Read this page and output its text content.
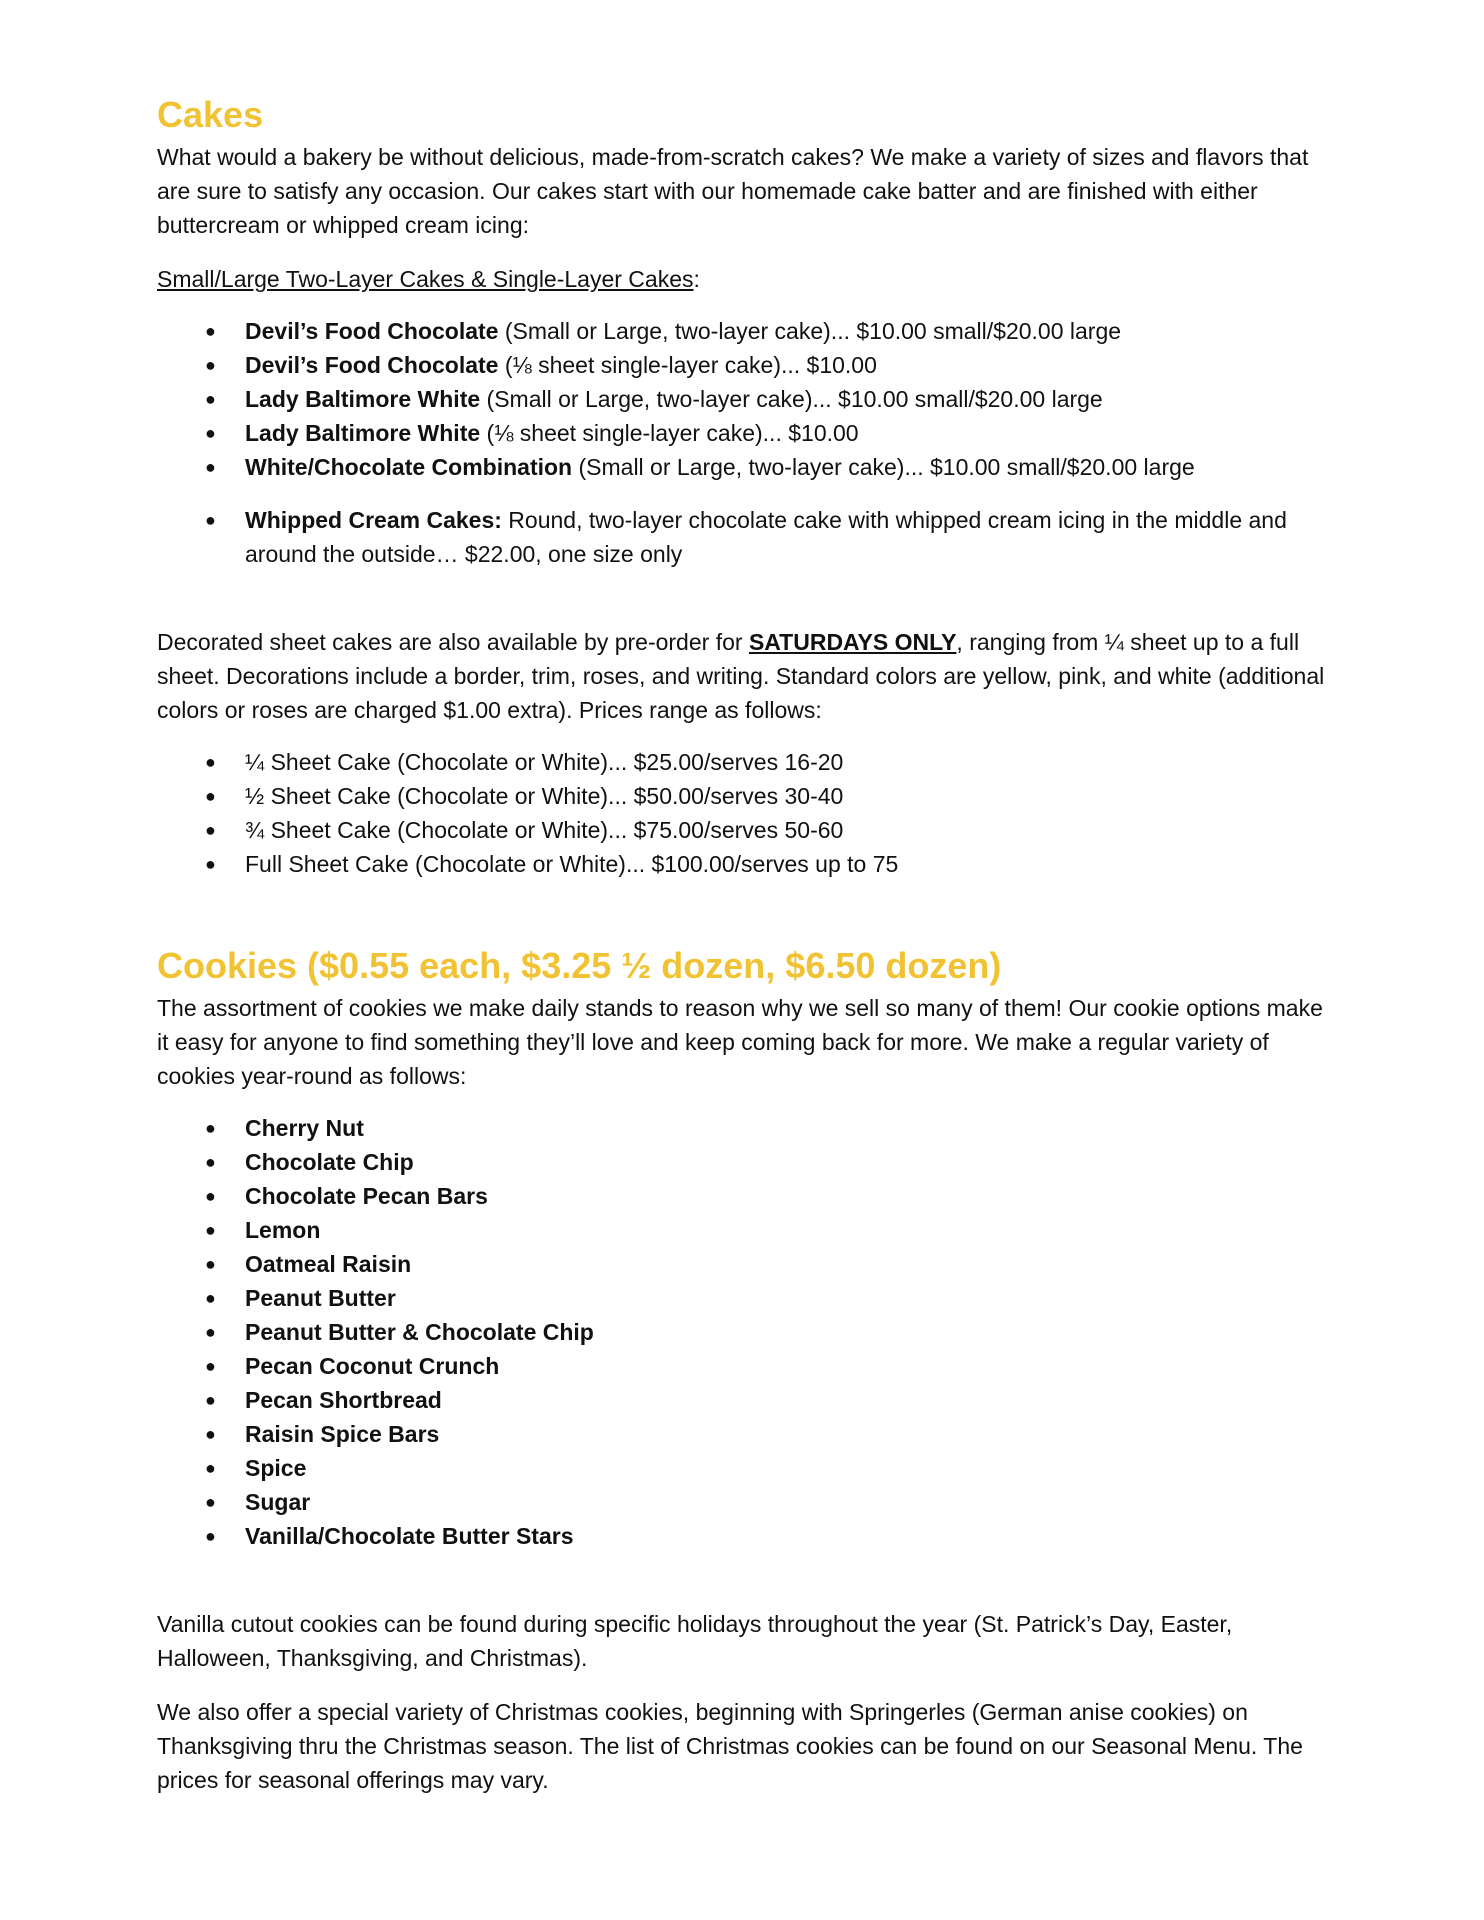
Cakes

What would a bakery be without delicious, made-from-scratch cakes? We make a variety of sizes and flavors that are sure to satisfy any occasion. Our cakes start with our homemade cake batter and are finished with either buttercream or whipped cream icing:

Small/Large Two-Layer Cakes & Single-Layer Cakes:

● Devil’s Food Chocolate (Small or Large, two-layer cake)... $10.00 small/$20.00 large
● Devil’s Food Chocolate (⅛ sheet single-layer cake)... $10.00
● Lady Baltimore White (Small or Large, two-layer cake)... $10.00 small/$20.00 large
● Lady Baltimore White (⅛ sheet single-layer cake)... $10.00
● White/Chocolate Combination (Small or Large, two-layer cake)... $10.00 small/$20.00 large
● Whipped Cream Cakes: Round, two-layer chocolate cake with whipped cream icing in the middle and around the outside… $22.00, one size only

Decorated sheet cakes are also available by pre-order for SATURDAYS ONLY, ranging from ¼ sheet up to a full sheet. Decorations include a border, trim, roses, and writing. Standard colors are yellow, pink, and white (additional colors or roses are charged $1.00 extra). Prices range as follows:

● ¼ Sheet Cake (Chocolate or White)... $25.00/serves 16-20
● ½ Sheet Cake (Chocolate or White)... $50.00/serves 30-40
● ¾ Sheet Cake (Chocolate or White)... $75.00/serves 50-60
● Full Sheet Cake (Chocolate or White)... $100.00/serves up to 75
Cookies ($0.55 each, $3.25 ½ dozen, $6.50 dozen)

The assortment of cookies we make daily stands to reason why we sell so many of them! Our cookie options make it easy for anyone to find something they’ll love and keep coming back for more. We make a regular variety of cookies year-round as follows:

● Cherry Nut
● Chocolate Chip
● Chocolate Pecan Bars
● Lemon
● Oatmeal Raisin
● Peanut Butter
● Peanut Butter & Chocolate Chip
● Pecan Coconut Crunch
● Pecan Shortbread
● Raisin Spice Bars
● Spice
● Sugar
● Vanilla/Chocolate Butter Stars

Vanilla cutout cookies can be found during specific holidays throughout the year (St. Patrick’s Day, Easter, Halloween, Thanksgiving, and Christmas).

We also offer a special variety of Christmas cookies, beginning with Springerles (German anise cookies) on Thanksgiving thru the Christmas season. The list of Christmas cookies can be found on our Seasonal Menu. The prices for seasonal offerings may vary.
